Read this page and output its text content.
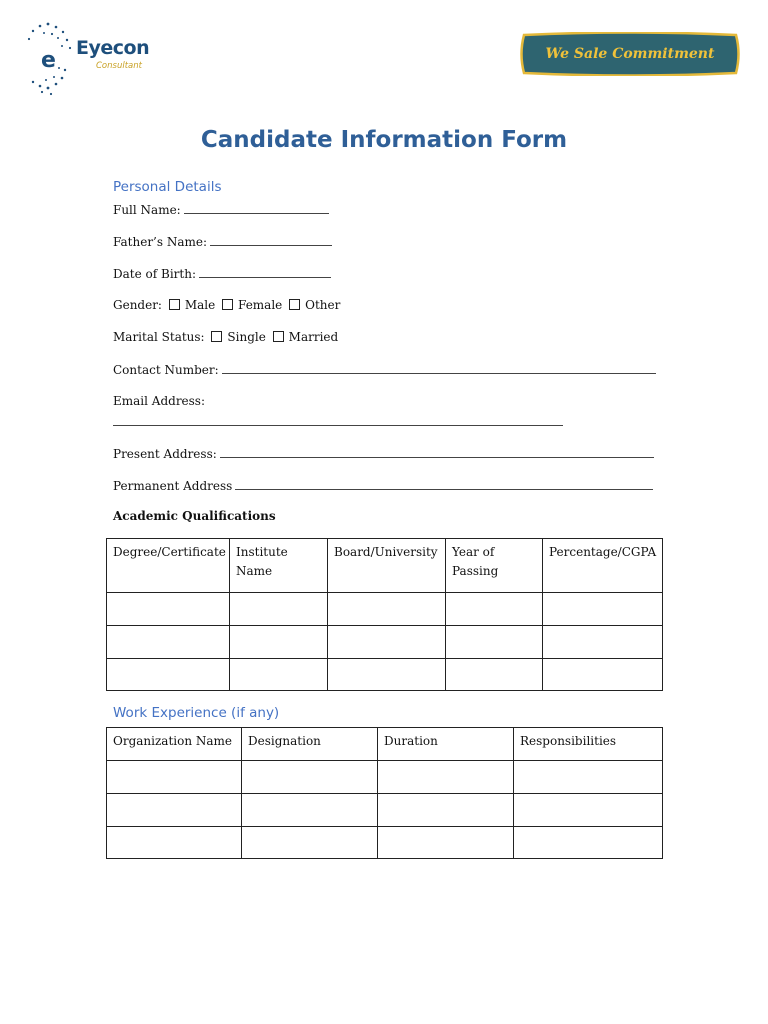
e Eyecon
Consultant
We Sale Commitment
Candidate Information Form
Personal Details
Full Name:
Father’s Name:
Date of Birth:
Gender: Male Female Other
Marital Status: Single Married
Contact Number:
Email Address:
Present Address:
Permanent Address
Academic Qualifications
Degree/Certificate	Institute Name	Board/University	Year of Passing	Percentage/CGPA

Work Experience (if any)
Organization Name	Designation	Duration	Responsibilities
